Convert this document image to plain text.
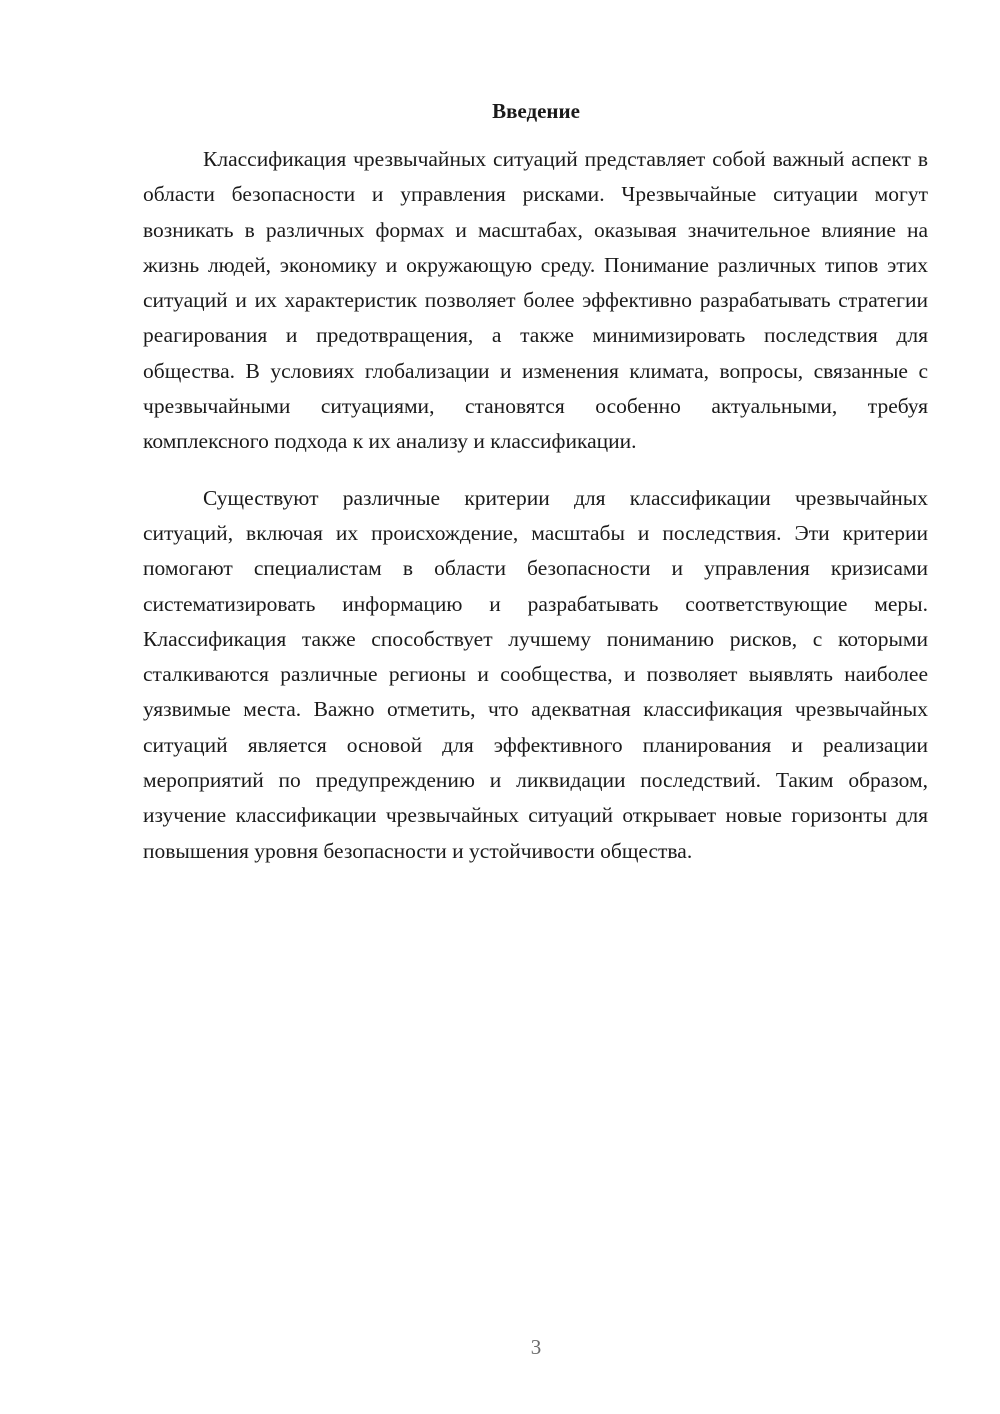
Введение

Классификация чрезвычайных ситуаций представляет собой важный аспект в области безопасности и управления рисками. Чрезвычайные ситуации могут возникать в различных формах и масштабах, оказывая значительное влияние на жизнь людей, экономику и окружающую среду. Понимание различных типов этих ситуаций и их характеристик позволяет более эффективно разрабатывать стратегии реагирования и предотвращения, а также минимизировать последствия для общества. В условиях глобализации и изменения климата, вопросы, связанные с чрезвычайными ситуациями, становятся особенно актуальными, требуя комплексного подхода к их анализу и классификации.

Существуют различные критерии для классификации чрезвычайных ситуаций, включая их происхождение, масштабы и последствия. Эти критерии помогают специалистам в области безопасности и управления кризисами систематизировать информацию и разрабатывать соответствующие меры. Классификация также способствует лучшему пониманию рисков, с которыми сталкиваются различные регионы и сообщества, и позволяет выявлять наиболее уязвимые места. Важно отметить, что адекватная классификация чрезвычайных ситуаций является основой для эффективного планирования и реализации мероприятий по предупреждению и ликвидации последствий. Таким образом, изучение классификации чрезвычайных ситуаций открывает новые горизонты для повышения уровня безопасности и устойчивости общества.

3
